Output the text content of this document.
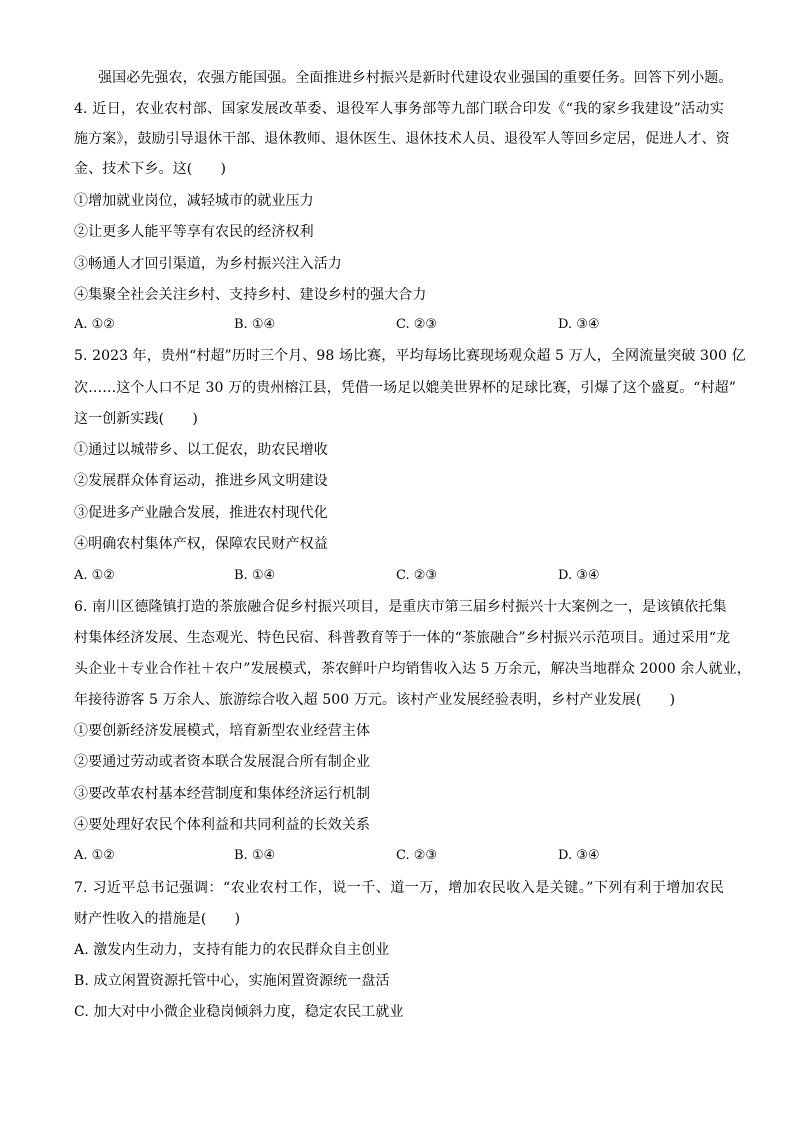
强国必先强农，农强方能国强。全面推进乡村振兴是新时代建设农业强国的重要任务。回答下列小题。
4. 近日，农业农村部、国家发展改革委、退役军人事务部等九部门联合印发《“我的家乡我建设”活动实
施方案》，鼓励引导退休干部、退休教师、退休医生、退休技术人员、退役军人等回乡定居，促进人才、资
金、技术下乡。这(　　)
①增加就业岗位，减轻城市的就业压力
②让更多人能平等享有农民的经济权利
③畅通人才回引渠道，为乡村振兴注入活力
④集聚全社会关注乡村、支持乡村、建设乡村的强大合力
A. ①②	B. ①④	C. ②③	D. ③④
5. 2023 年，贵州“村超”历时三个月、98 场比赛，平均每场比赛现场观众超 5 万人，全网流量突破 300 亿
次……这个人口不足 30 万的贵州榕江县，凭借一场足以媲美世界杯的足球比赛，引爆了这个盛夏。“村超”
这一创新实践(　　)
①通过以城带乡、以工促农，助农民增收
②发展群众体育运动，推进乡风文明建设
③促进多产业融合发展，推进农村现代化
④明确农村集体产权，保障农民财产权益
A. ①②	B. ①④	C. ②③	D. ③④
6. 南川区德隆镇打造的茶旅融合促乡村振兴项目，是重庆市第三届乡村振兴十大案例之一，是该镇依托集
村集体经济发展、生态观光、特色民宿、科普教育等于一体的“茶旅融合”乡村振兴示范项目。通过采用“龙
头企业＋专业合作社＋农户”发展模式，茶农鲜叶户均销售收入达 5 万余元，解决当地群众 2000 余人就业，
年接待游客 5 万余人、旅游综合收入超 500 万元。该村产业发展经验表明，乡村产业发展(　　)
①要创新经济发展模式，培育新型农业经营主体
②要通过劳动或者资本联合发展混合所有制企业
③要改革农村基本经营制度和集体经济运行机制
④要处理好农民个体利益和共同利益的长效关系
A. ①②	B. ①④	C. ②③	D. ③④
7. 习近平总书记强调：“农业农村工作，说一千、道一万，增加农民收入是关键。”下列有利于增加农民
财产性收入的措施是(　　)
A. 激发内生动力，支持有能力的农民群众自主创业
B. 成立闲置资源托管中心，实施闲置资源统一盘活
C. 加大对中小微企业稳岗倾斜力度，稳定农民工就业
